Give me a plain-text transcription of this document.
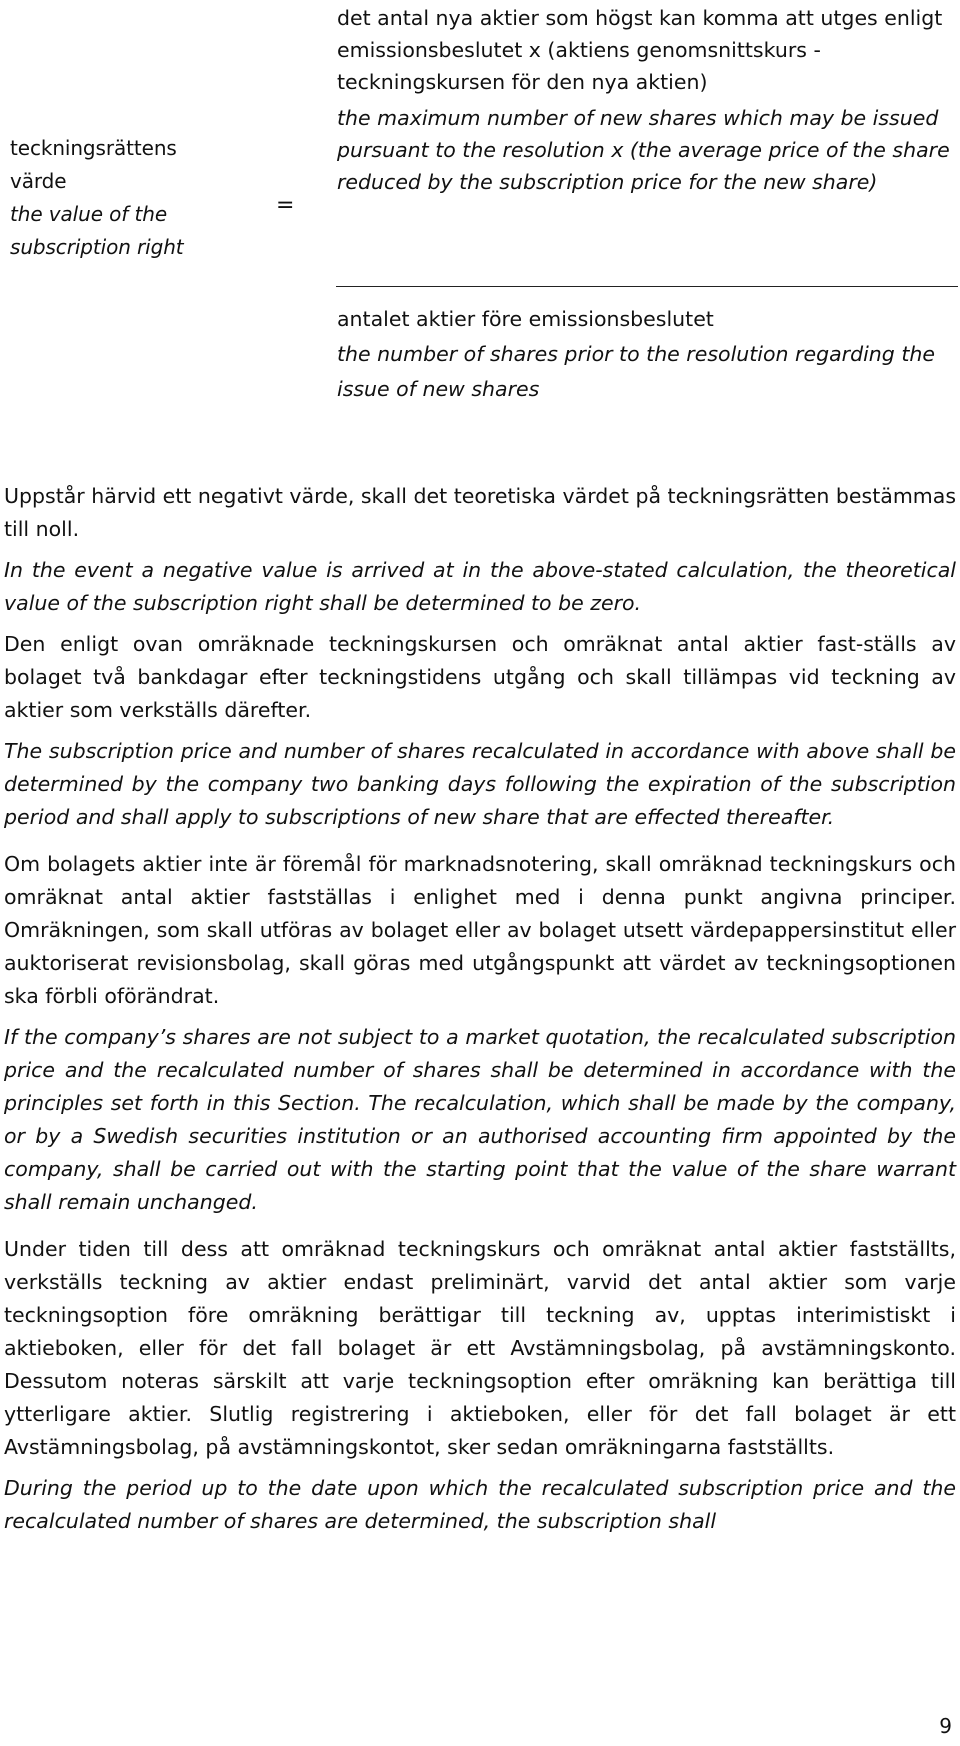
teckningsrättens
värde
the value of the
subscription right
=
det antal nya aktier som högst kan komma att utges enligt emissionsbeslutet x (aktiens genomsnittskurs - teckningskursen för den nya aktien)
the maximum number of new shares which may be issued pursuant to the resolution x (the average price of the share reduced by the subscription price for the new share)
antalet aktier före emissionsbeslutet
the number of shares prior to the resolution regarding the issue of new shares

Uppstår härvid ett negativt värde, skall det teoretiska värdet på teckningsrätten bestämmas till noll.

In the event a negative value is arrived at in the above-stated calculation, the theoretical value of the subscription right shall be determined to be zero.

Den enligt ovan omräknade teckningskursen och omräknat antal aktier fast-ställs av bolaget två bankdagar efter teckningstidens utgång och skall tillämpas vid teckning av aktier som verkställs därefter.

The subscription price and number of shares recalculated in accordance with above shall be determined by the company two banking days following the expiration of the subscription period and shall apply to subscriptions of new share that are effected thereafter.

Om bolagets aktier inte är föremål för marknadsnotering, skall omräknad teckningskurs och omräknat antal aktier fastställas i enlighet med i denna punkt angivna principer. Omräkningen, som skall utföras av bolaget eller av bolaget utsett värdepappersinstitut eller auktoriserat revisionsbolag, skall göras med utgångspunkt att värdet av teckningsoptionen ska förbli oförändrat.

If the company’s shares are not subject to a market quotation, the recalculated subscription price and the recalculated number of shares shall be determined in accordance with the principles set forth in this Section. The recalculation, which shall be made by the company, or by a Swedish securities institution or an authorised accounting firm appointed by the company, shall be carried out with the starting point that the value of the share warrant shall remain unchanged.

Under tiden till dess att omräknad teckningskurs och omräknat antal aktier fastställts, verkställs teckning av aktier endast preliminärt, varvid det antal aktier som varje teckningsoption före omräkning berättigar till teckning av, upptas interimistiskt i aktieboken, eller för det fall bolaget är ett Avstämningsbolag, på avstämningskonto. Dessutom noteras särskilt att varje teckningsoption efter omräkning kan berättiga till ytterligare aktier. Slutlig registrering i aktieboken, eller för det fall bolaget är ett Avstämningsbolag, på avstämningskontot, sker sedan omräkningarna fastställts.

During the period up to the date upon which the recalculated subscription price and the recalculated number of shares are determined, the subscription shall

9
